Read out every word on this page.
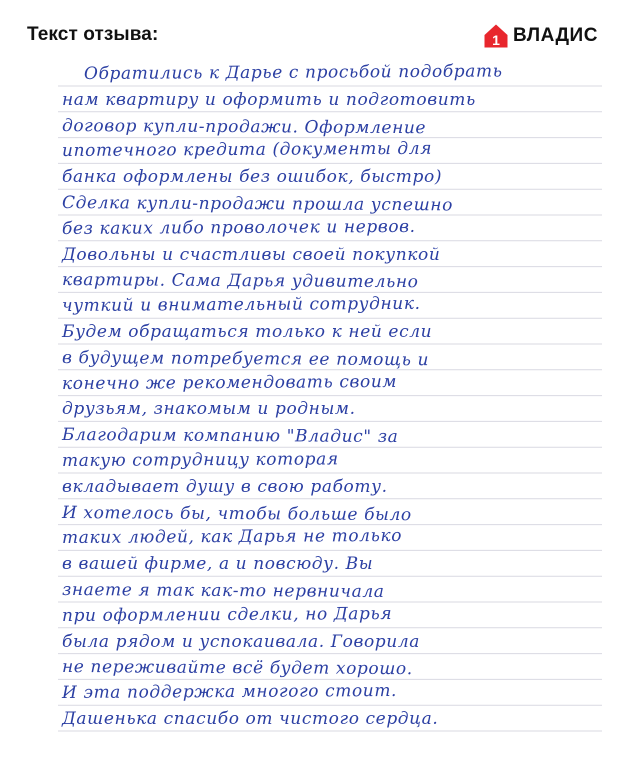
Текст отзыва:	1 ВЛАДИС
Обратились к Дарье с просьбой подобрать
нам квартиру и оформить и подготовить
договор купли-продажи. Оформление
ипотечного кредита (документы для
банка оформлены без ошибок, быстро)
Сделка купли-продажи прошла успешно
без каких либо проволочек и нервов.
Довольны и счастливы своей покупкой
квартиры. Сама Дарья удивительно
чуткий и внимательный сотрудник.
Будем обращаться только к ней если
в будущем потребуется ее помощь и
конечно же рекомендовать своим
друзьям, знакомым и родным.
Благодарим компанию "Владис" за
такую сотрудницу которая
вкладывает душу в свою работу.
И хотелось бы, чтобы больше было
таких людей, как Дарья не только
в вашей фирме, а и повсюду. Вы
знаете я так как-то нервничала
при оформлении сделки, но Дарья
была рядом и успокаивала. Говорила
не переживайте всё будет хорошо.
И эта поддержка многого стоит.
Дашенька спасибо от чистого сердца.
